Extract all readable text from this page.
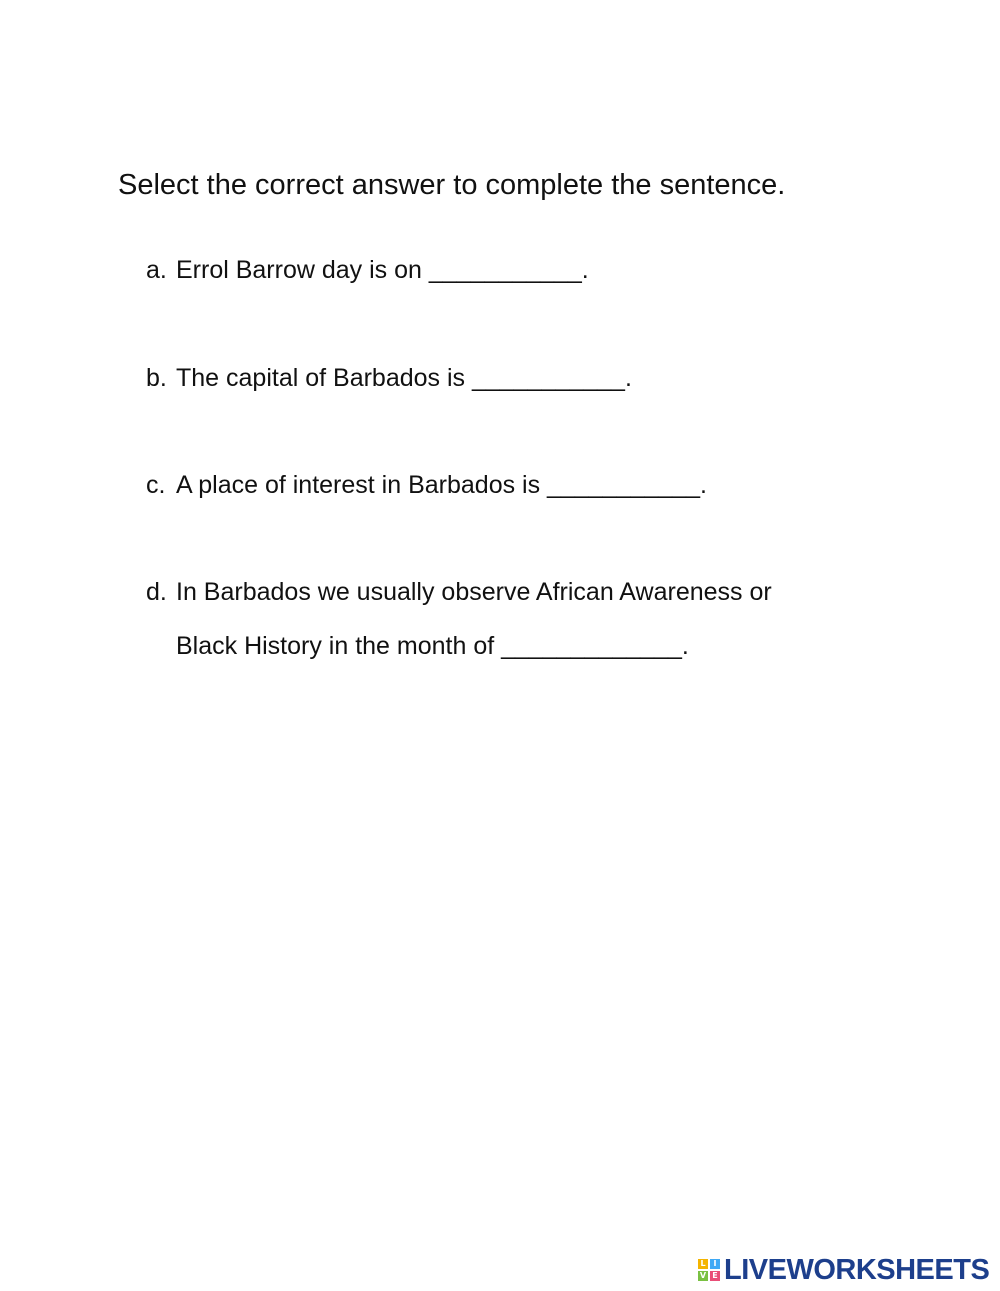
Select the correct answer to complete the sentence.
a. Errol Barrow day is on ___________.
b. The capital of Barbados is ___________.
c. A place of interest in Barbados is ___________.
d. In Barbados we usually observe African Awareness or
Black History in the month of _____________.
L I
V E LIVEWORKSHEETS
